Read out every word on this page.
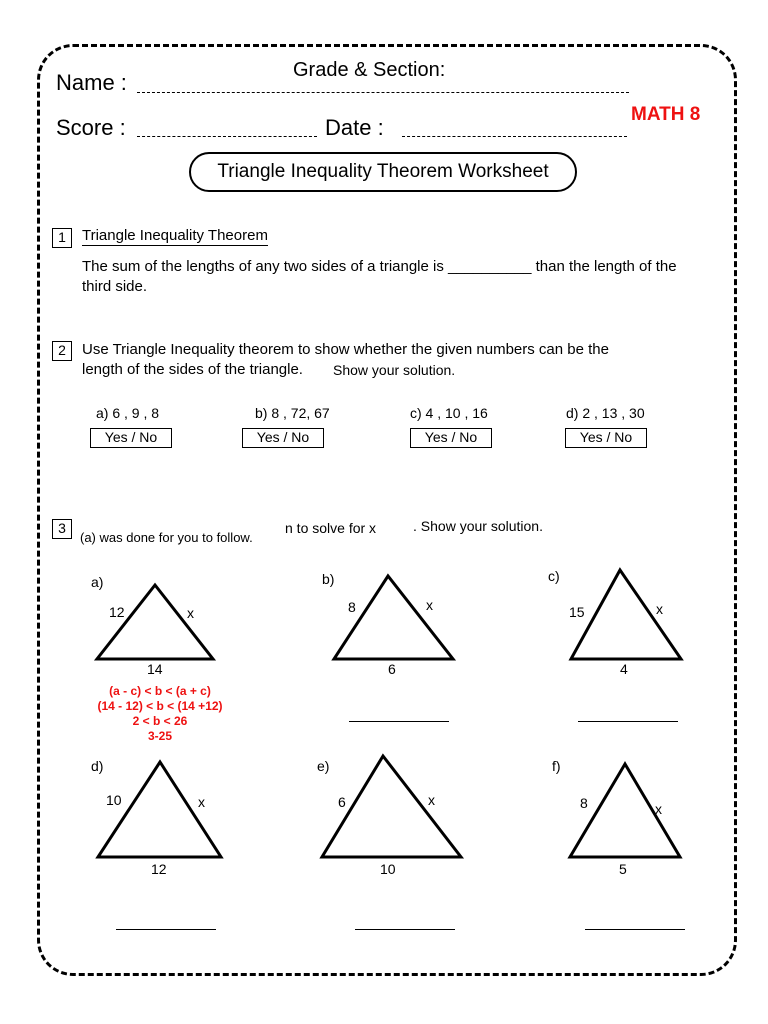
Grade & Section:
Name :
MATH 8
Score :	Date :
Triangle Inequality Theorem Worksheet
1	Triangle Inequality Theorem
The sum of the lengths of any two sides of a triangle is __________ than the length of the
third side.
2	Use Triangle Inequality theorem to show whether the given numbers can be the
length of the sides of the triangle. Show your solution.
a) 6 , 9 , 8	b) 8 , 72, 67	c) 4 , 10 , 16	d) 2 , 13 , 30
Yes / No	Yes / No	Yes / No	Yes / No
3	n to solve for x	. Show your solution.
(a) was done for you to follow.
a)
12	x
14
b)
8	x
6
c)
15	x
4
d)
10	x
12
e)
6	x
10
f)
8	x
5
(a - c) < b < (a + c)
(14 - 12) < b < (14 +12)
2 < b < 26
3-25
